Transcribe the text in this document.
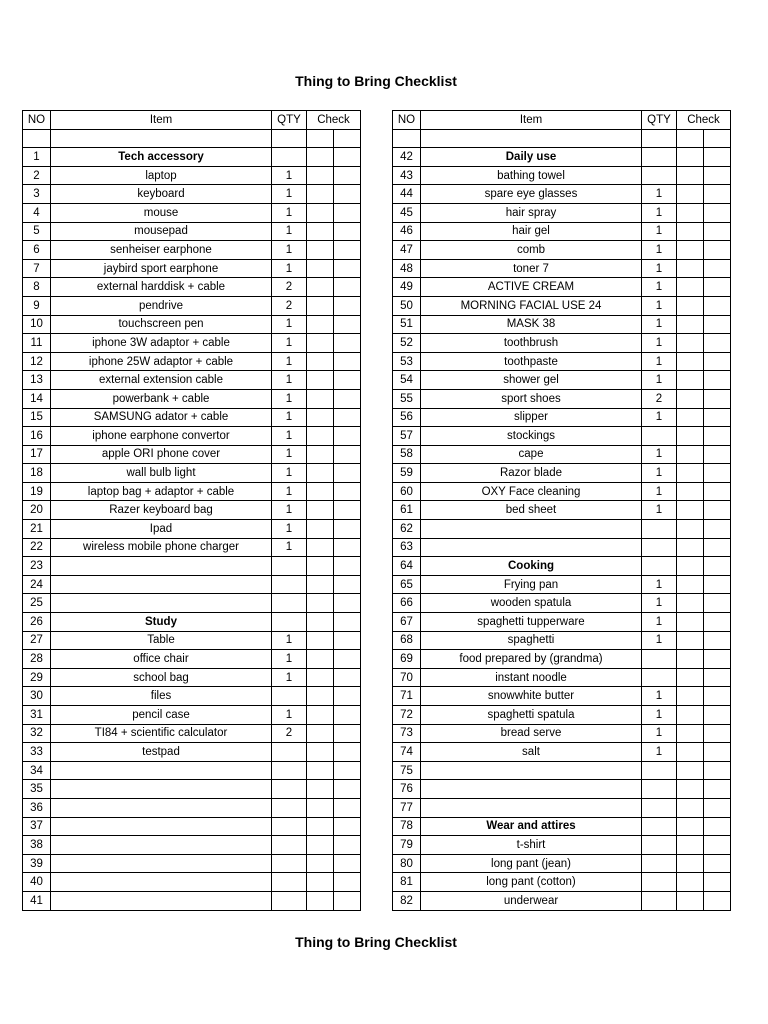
Thing to Bring Checklist
NO	Item	QTY	Check	

1	Tech accessory			
2	laptop	1		
3	keyboard	1		
4	mouse	1		
5	mousepad	1		
6	senheiser earphone	1		
7	jaybird sport earphone	1		
8	external harddisk + cable	2		
9	pendrive	2		
10	touchscreen pen	1		
11	iphone 3W adaptor + cable	1		
12	iphone 25W adaptor + cable	1		
13	external extension cable	1		
14	powerbank + cable	1		
15	SAMSUNG adator + cable	1		
16	iphone earphone convertor	1		
17	apple ORI phone cover	1		
18	wall bulb light	1		
19	laptop bag + adaptor + cable	1		
20	Razer keyboard bag	1		
21	Ipad	1		
22	wireless mobile phone charger	1		
23				
24				
25				
26	Study			
27	Table	1		
28	office chair	1		
29	school bag	1		
30	files			
31	pencil case	1		
32	TI84 + scientific calculator	2		
33	testpad			
34				
35				
36				
37				
38				
39				
40				
41				
NO	Item	QTY	Check	

42	Daily use			
43	bathing towel			
44	spare eye glasses	1		
45	hair spray	1		
46	hair gel	1		
47	comb	1		
48	toner 7	1		
49	ACTIVE CREAM	1		
50	MORNING FACIAL USE 24	1		
51	MASK 38	1		
52	toothbrush	1		
53	toothpaste	1		
54	shower gel	1		
55	sport shoes	2		
56	slipper	1		
57	stockings			
58	cape	1		
59	Razor blade	1		
60	OXY Face cleaning	1		
61	bed sheet	1		
62				
63				
64	Cooking			
65	Frying pan	1		
66	wooden spatula	1		
67	spaghetti tupperware	1		
68	spaghetti	1		
69	food prepared by (grandma)			
70	instant noodle			
71	snowwhite butter	1		
72	spaghetti spatula	1		
73	bread serve	1		
74	salt	1		
75				
76				
77				
78	Wear and attires			
79	t-shirt			
80	long pant (jean)			
81	long pant (cotton)			
82	underwear			
Thing to Bring Checklist
